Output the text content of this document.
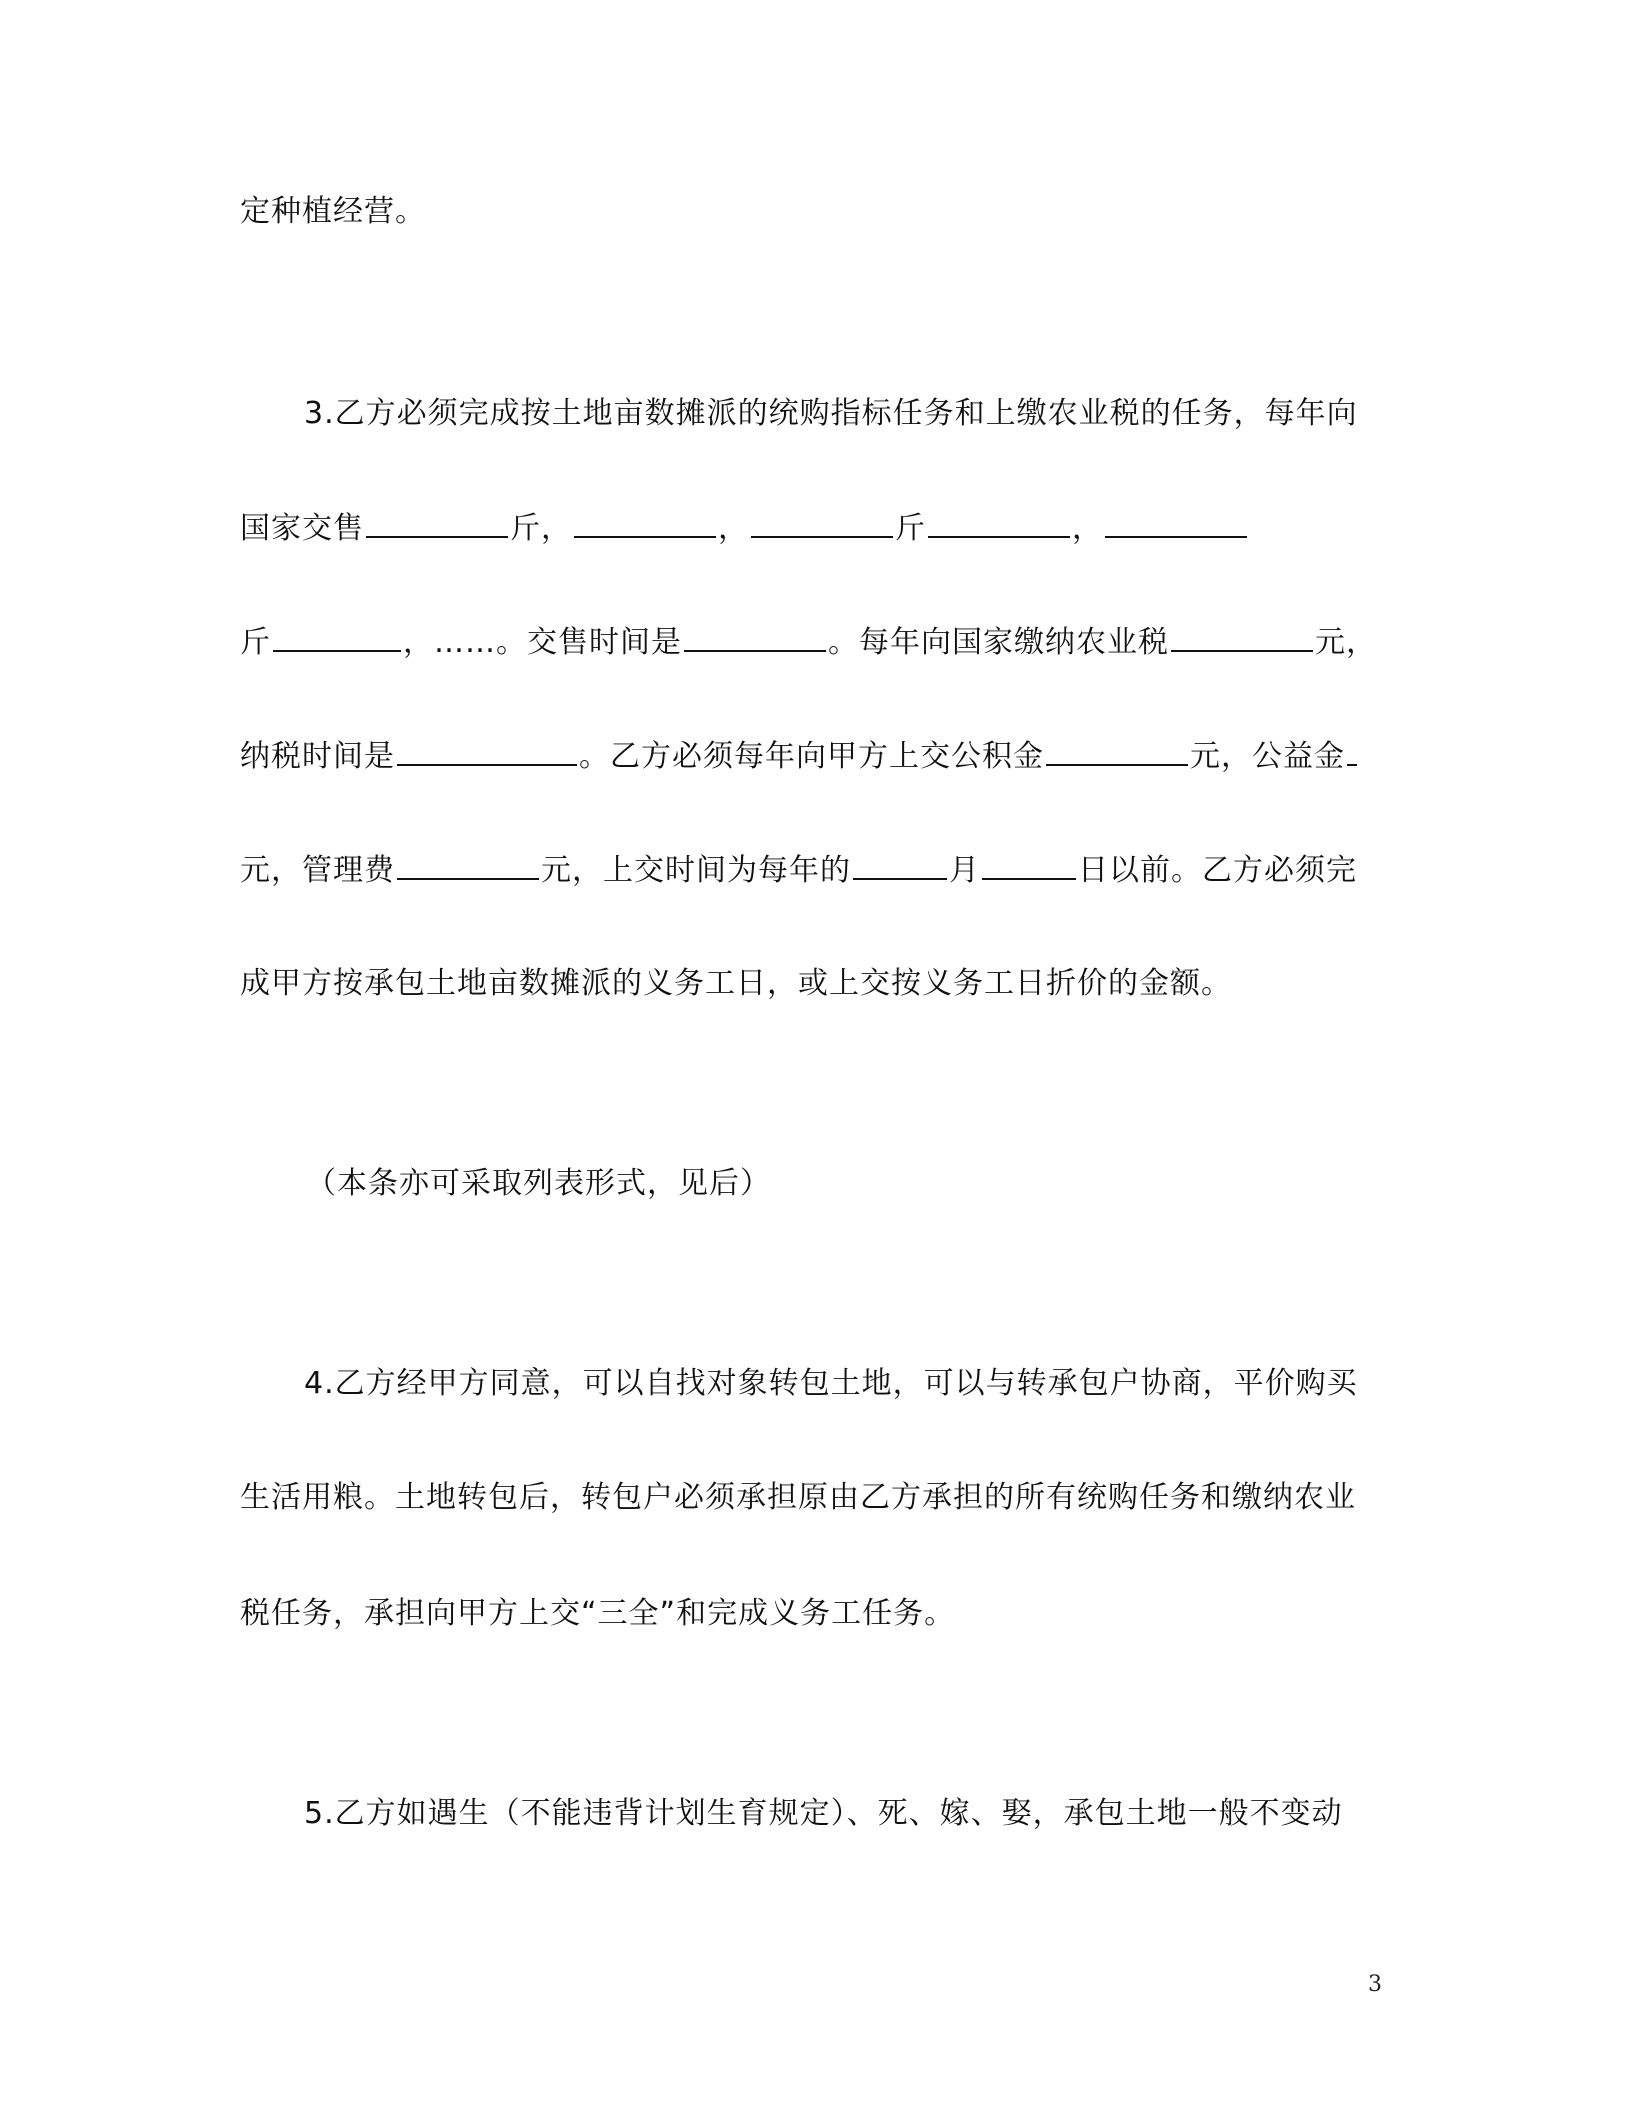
定种植经营。
3.乙方必须完成按土地亩数摊派的统购指标任务和上缴农业税的任务，每年向
国家交售	斤，	，	斤	，
斤	，……。交售时间是	。每年向国家缴纳农业税	元，
纳税时间是	。乙方必须每年向甲方上交公积金	元，公益金
元，管理费	元，上交时间为每年的	月	日以前。乙方必须完
成甲方按承包土地亩数摊派的义务工日，或上交按义务工日折价的金额。
（本条亦可采取列表形式，见后）
4.乙方经甲方同意，可以自找对象转包土地，可以与转承包户协商，平价购买
生活用粮。土地转包后，转包户必须承担原由乙方承担的所有统购任务和缴纳农业
税任务，承担向甲方上交“三全”和完成义务工任务。
5.乙方如遇生（不能违背计划生育规定）、死、嫁、娶，承包土地一般不变动
3
